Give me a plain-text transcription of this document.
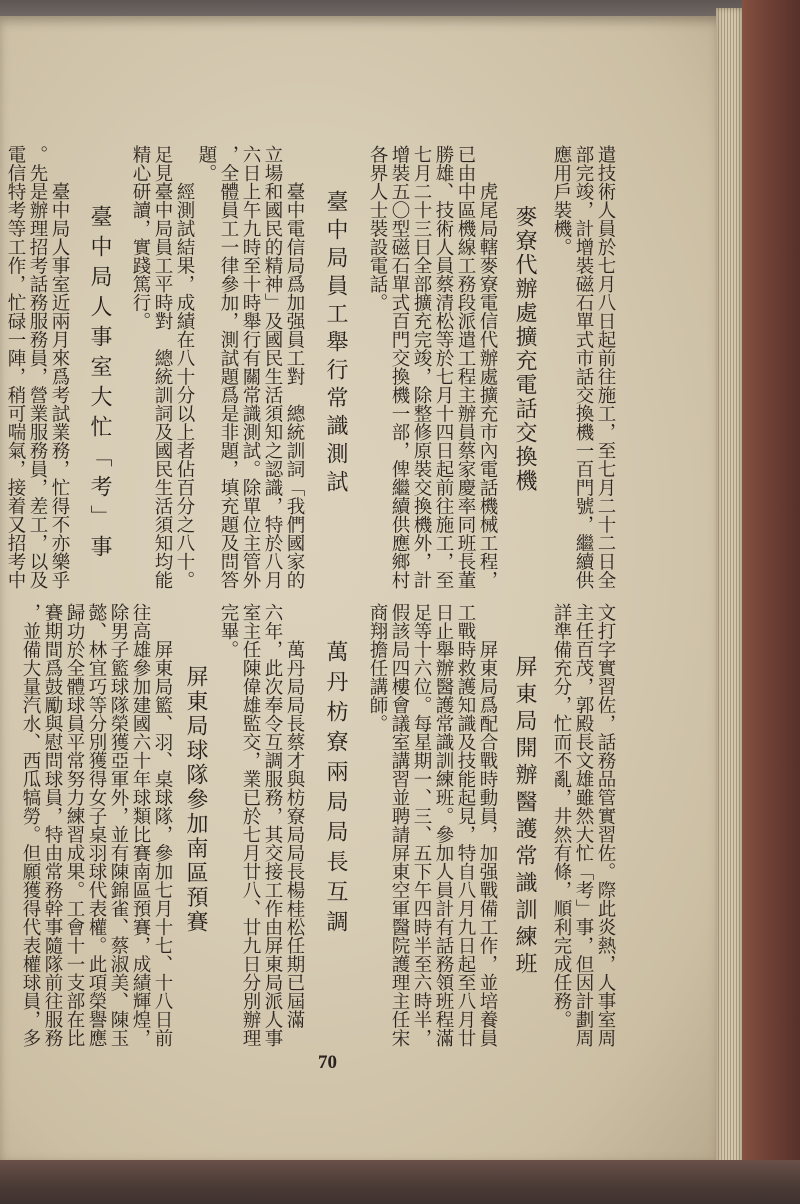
遣技術人員於七月八日起前往施工，至七月二十二日全
部完竣，計增裝磁石單式市話交換機一百門號，繼續供
應用戶裝機。
麥寮代辦處擴充電話交換機
虎尾局轄麥寮電信代辦處擴充市內電話機械工程，
已由中區機線工務段派遣工程主辦員蔡家慶率同班長董
勝雄、技術人員蔡清松等於七月十四日起前往施工，至
七月二十三日全部擴充完竣，除整修原裝交換機外，計
增裝五〇型磁石單式百門交換機一部，俾繼續供應鄉村
各界人士裝設電話。
臺中局員工舉行常識測試
臺中電信局爲加强員工對　總統訓詞「我們國家的
立場和國民的精神」及國民生活須知之認識，特於八月
六日上午九時至十時舉行有關常識測試。除單位主管外
，全體員工一律參加，測試題爲是非題，填充題及問答
題。
經測試結果，成績在八十分以上者佔百分之八十。
足見臺中局員工平時對　總統訓詞及國民生活須知均能
精心研讀，實踐篤行。
臺中局人事室大忙「考」事
臺中局人事室近兩月來爲考試業務，忙得不亦樂乎
。先是辦理招考話務服務員，營業服務員，差工，以及
電信特考等工作，忙碌一陣，稍可喘氣，接着又招考中
文打字實習佐，話務品管實習佐。際此炎熱，人事室周
主任百茂，郭殿長文雄雖然大忙「考」事，但因計劃周
詳準備充分，忙而不亂，井然有條，順利完成任務。
屏東局開辦醫護常識訓練班
屏東局爲配合戰時動員，加强戰備工作，並培養員
工戰時救護知識及技能起見，特自八月九日起至八月廿
日止舉辦醫護常識訓練班。參加人員計有話務領班程滿
足等十六位。每星期一、三、五下午四時半至六時半，
假該局四樓會議室講習並聘請屏東空軍醫院護理主任宋
商翔擔任講師。
萬丹枋寮兩局局長互調
萬丹局局長蔡才與枋寮局局長楊桂松任期已屆滿
六年，此次奉令互調服務，其交接工作由屏東局派人事
室主任陳偉雄監交，業已於七月廿八、廿九日分別辦理
完畢。
屏東局球隊參加南區預賽
屏東局籃、羽、桌球隊，參加七月十七、十八日前
往高雄參加建國六十年球類比賽南區預賽，成績輝煌，
除男子籃球隊榮獲亞軍外，並有陳錦雀、蔡淑美、陳玉
懿、林宜巧等分別獲得女子桌羽球代表權。此項榮譽應
歸功於全體球員平常努力練習成果。工會十一支部在比
賽期間爲鼓勵與慰問球員，特由常務幹事隨隊前往服務
，並備大量汽水、西瓜犒勞。但願獲得代表權球員，多
70
